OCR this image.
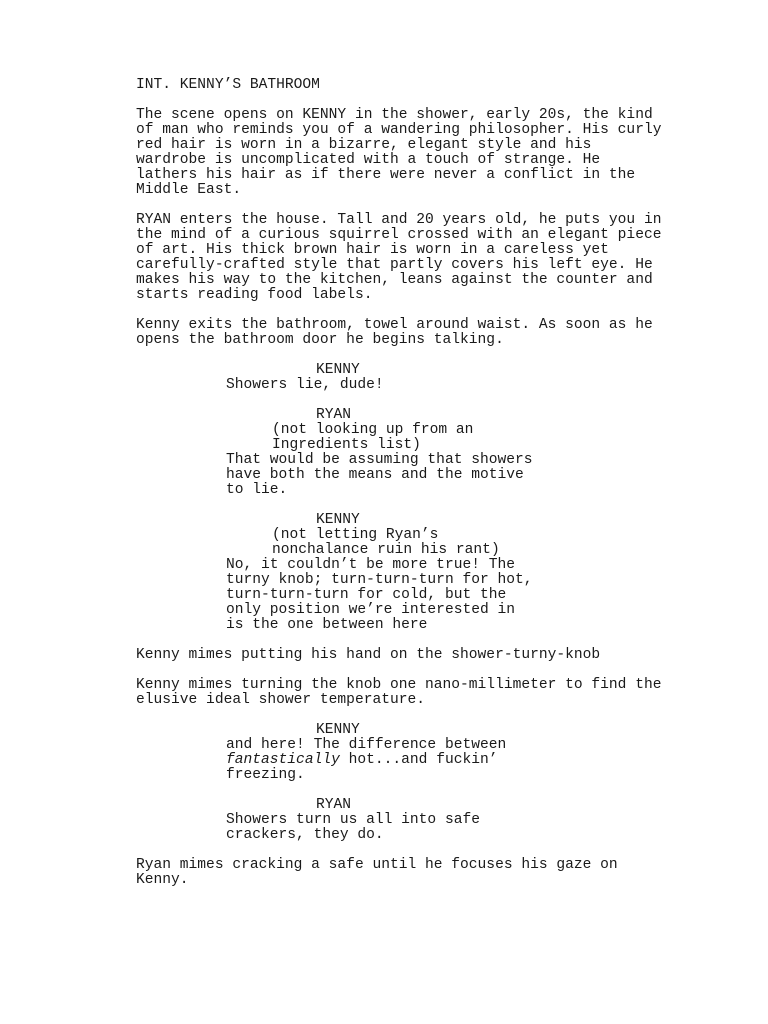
INT. KENNY’S BATHROOM
The scene opens on KENNY in the shower, early 20s, the kind
of man who reminds you of a wandering philosopher. His curly
red hair is worn in a bizarre, elegant style and his
wardrobe is uncomplicated with a touch of strange. He
lathers his hair as if there were never a conflict in the
Middle East.
RYAN enters the house. Tall and 20 years old, he puts you in
the mind of a curious squirrel crossed with an elegant piece
of art. His thick brown hair is worn in a careless yet
carefully-crafted style that partly covers his left eye. He
makes his way to the kitchen, leans against the counter and
starts reading food labels.
Kenny exits the bathroom, towel around waist. As soon as he
opens the bathroom door he begins talking.
KENNY
Showers lie, dude!
RYAN
(not looking up from an
Ingredients list)
That would be assuming that showers
have both the means and the motive
to lie.
KENNY
(not letting Ryan’s
nonchalance ruin his rant)
No, it couldn’t be more true! The
turny knob; turn-turn-turn for hot,
turn-turn-turn for cold, but the
only position we’re interested in
is the one between here
Kenny mimes putting his hand on the shower-turny-knob
Kenny mimes turning the knob one nano-millimeter to find the
elusive ideal shower temperature.
KENNY
and here! The difference between
fantastically hot...and fuckin’
freezing.
RYAN
Showers turn us all into safe
crackers, they do.
Ryan mimes cracking a safe until he focuses his gaze on
Kenny.
